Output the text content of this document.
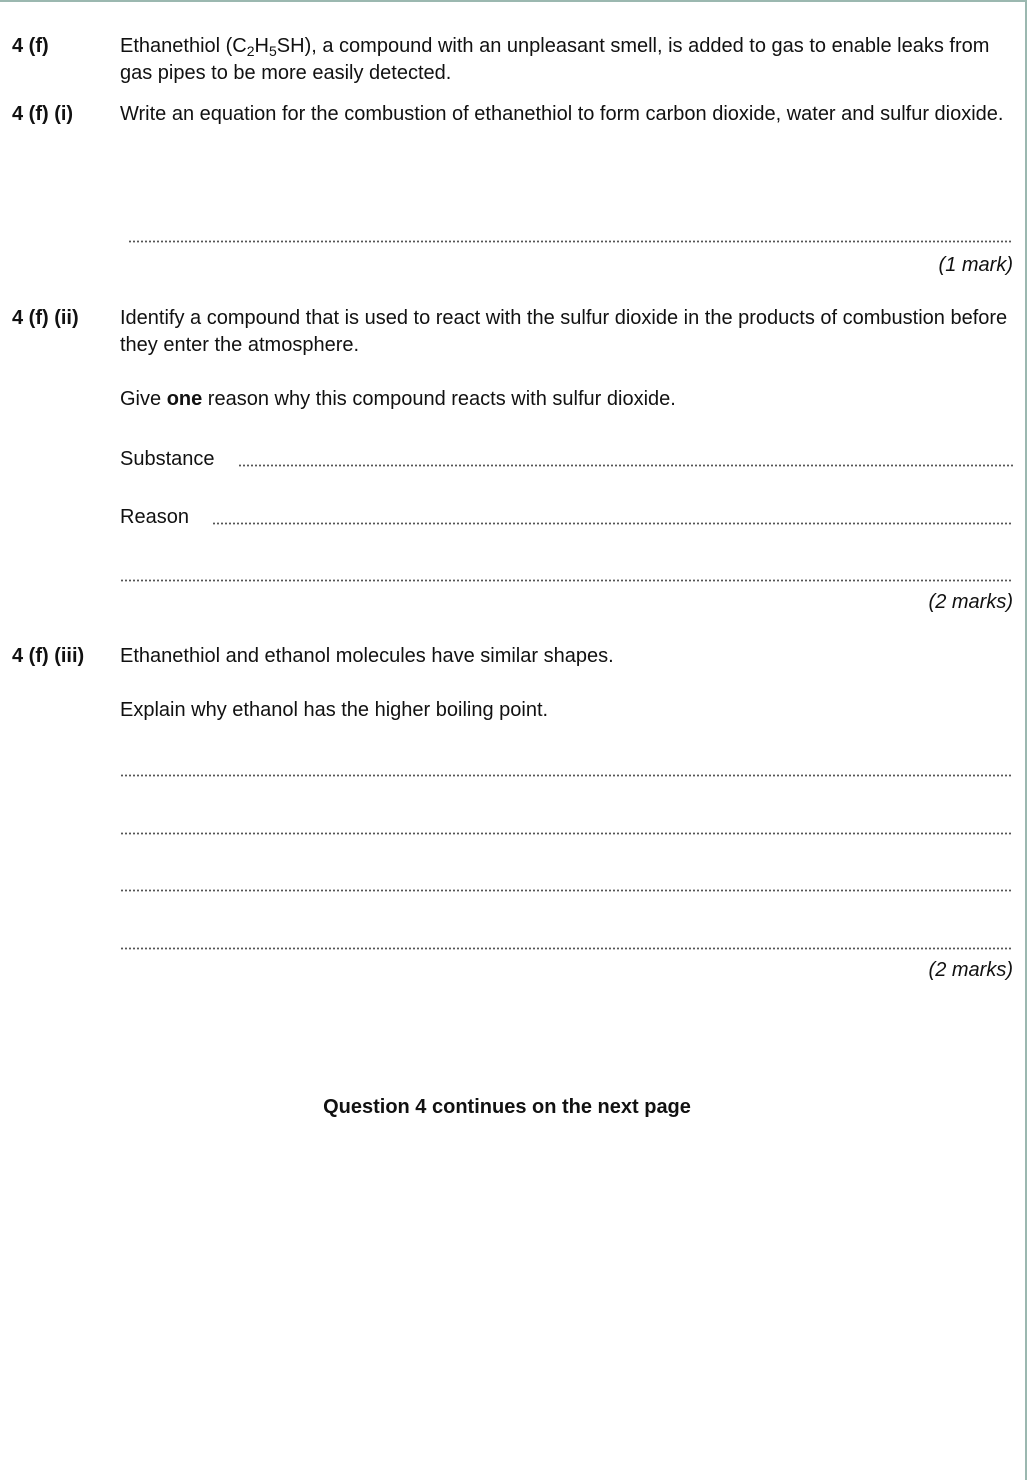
4 (f)	Ethanethiol $(C_2H_5SH)$, a compound with an unpleasant smell, is added to gas to enable leaks from gas pipes to be more easily detected.
4 (f) (i) Write an equation for the combustion of ethanethiol to form carbon dioxide, water and sulfur dioxide.
(1 mark)
4 (f) (ii) Identify a compound that is used to react with the sulfur dioxide in the products of combustion before they enter the atmosphere.
Give one reason why this compound reacts with sulfur dioxide.
Substance
Reason
(2 marks)
4 (f) (iii) Ethanethiol and ethanol molecules have similar shapes.
Explain why ethanol has the higher boiling point.
(2 marks)
Question 4 continues on the next page
